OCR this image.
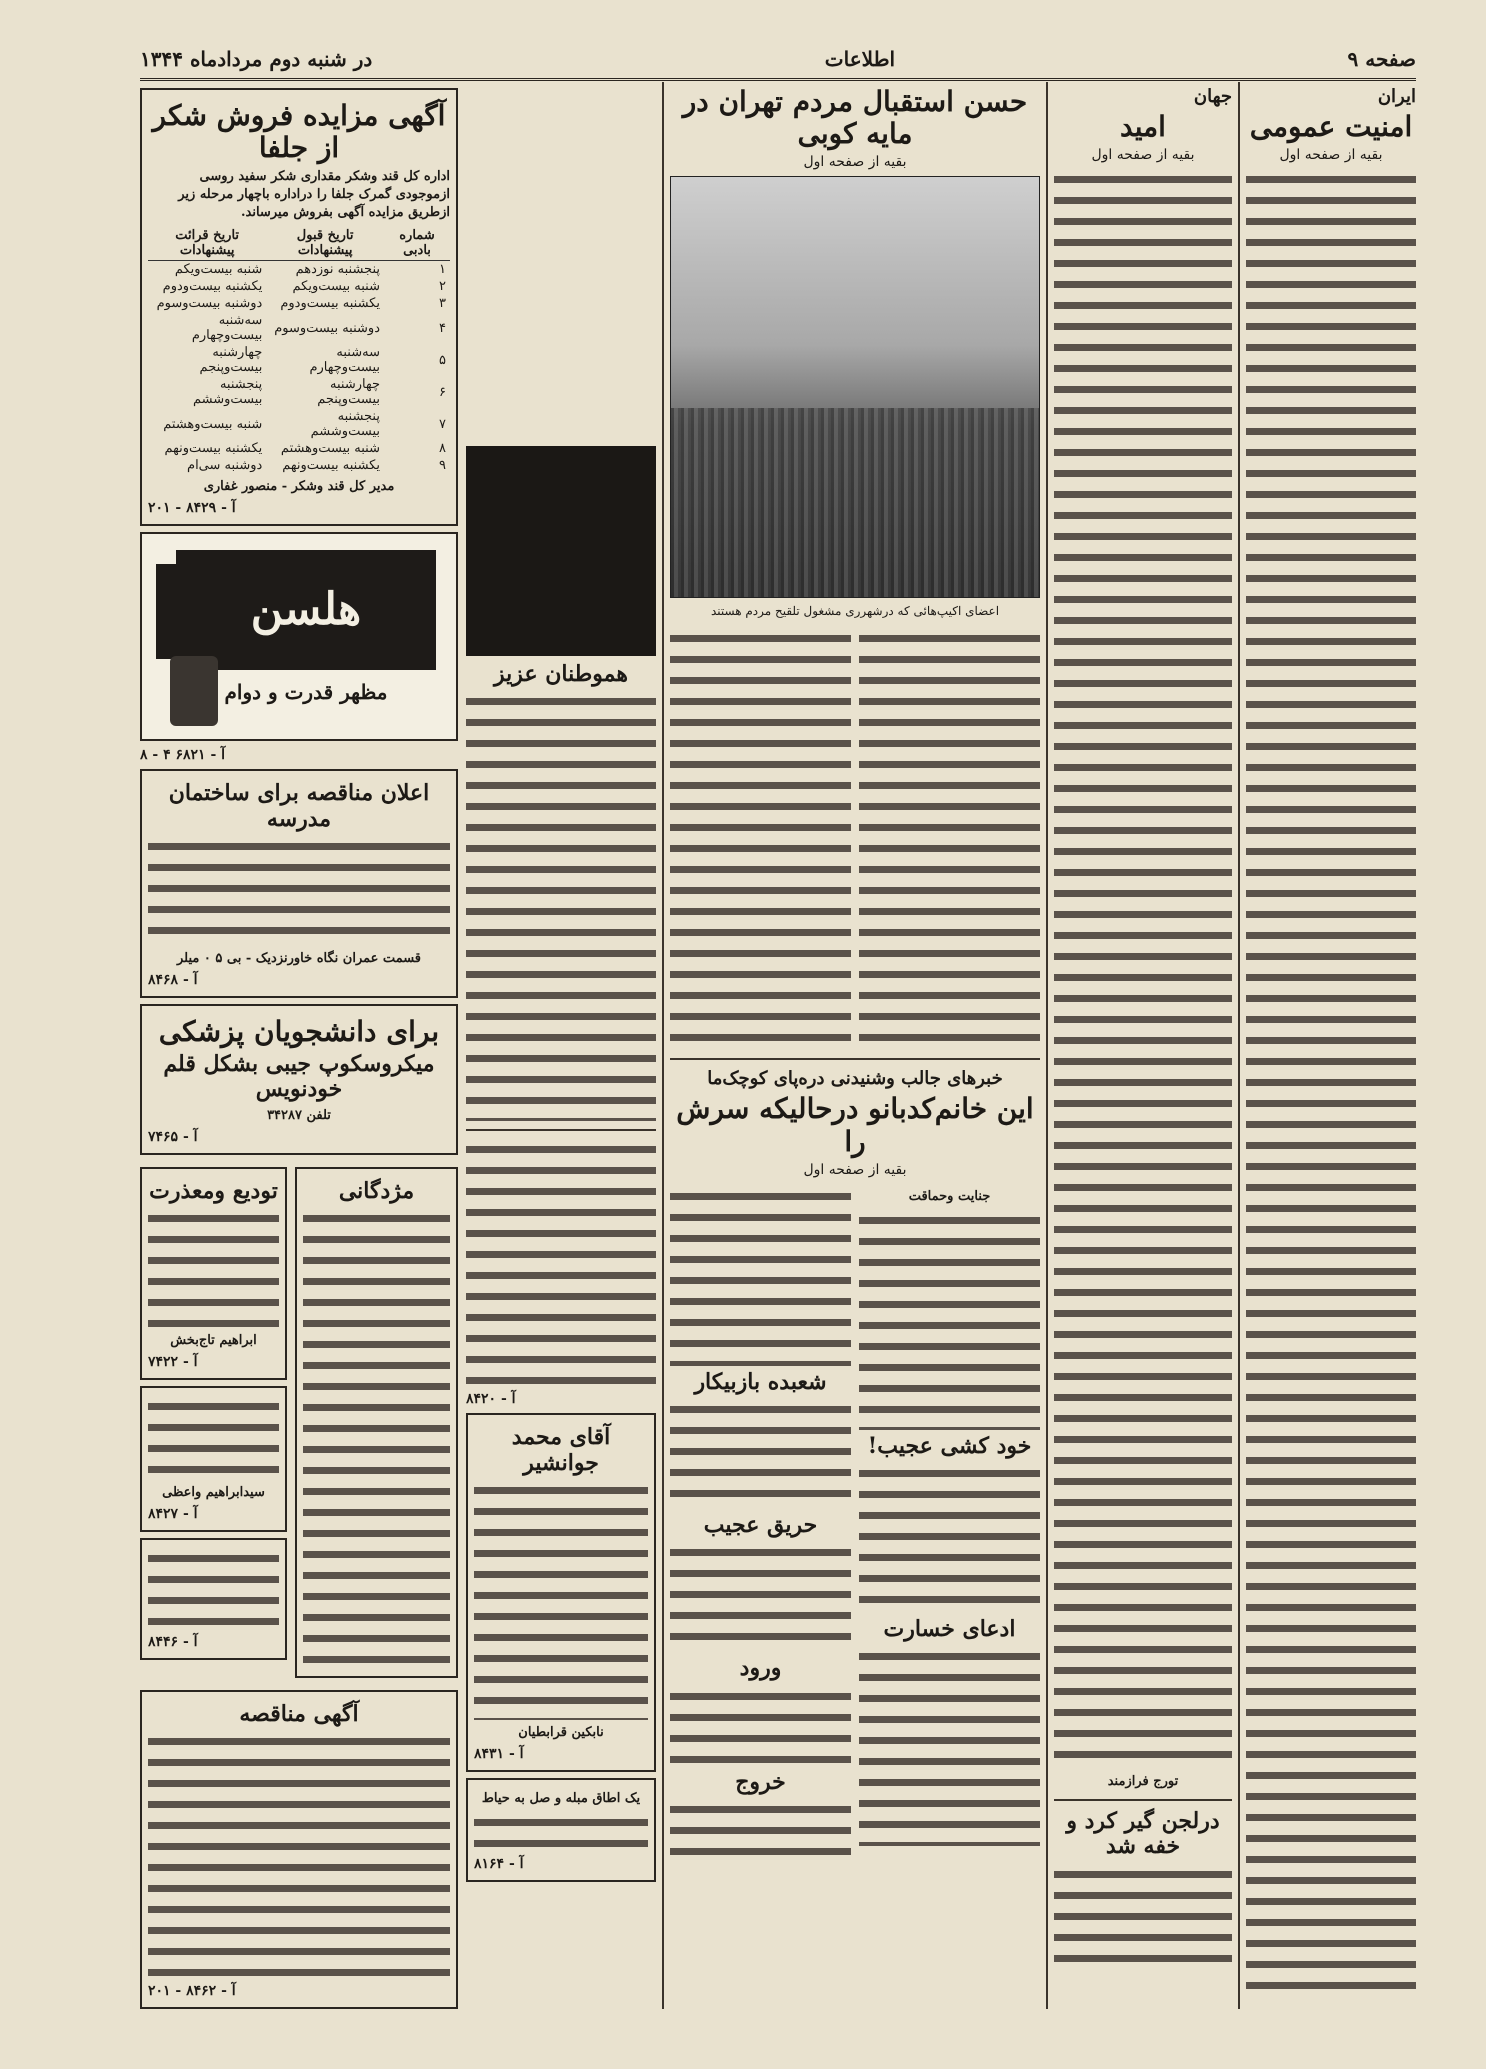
صفحه ۹
اطلاعات
در شنبه دوم مردادماه ۱۳۴۴
ایران
امنیت عمومی
بقیه از صفحه اول
جهان
امید
بقیه از صفحه اول
تورج فرازمند
درلجن گیر کرد و خفه شد
حسن استقبال مردم تهران در مایه کوبی
بقیه از صفحه اول
اعضای اکیپ‌هائی که درشهرری مشغول تلقیح مردم هستند
خبرهای جالب وشنیدنی دره‌پای کوچک‌ما
این خانم‌کدبانو درحالیکه سرش را
بقیه از صفحه اول
جنایت وحماقت
خود کشی عجیب!
ادعای خسارت
شعبده بازبیکار
حریق عجیب
ورود
خروج
هموطنان عزیز
آ - ۸۴۲۰
آقای محمد جوانشیر
نابکین قرابطیان
آ - ۸۴۳۱
یک اطاق مبله و صل به حیاط
آ - ۸۱۶۴
آگهی مزایده فروش شکر از جلفا
اداره کل قند وشکر مقداری شکر سفید روسی ازموجودی گمرک جلفا را دراداره باچهار مرحله زیر ازطریق مزایده آگهی بفروش میرساند.
شماره بادبی	تاریخ قبول پیشنهادات	تاریخ قرائت پیشنهادات
۱	پنجشنبه نوزدهم	شنبه بیست‌ویکم
۲	شنبه بیست‌ویکم	یکشنبه بیست‌ودوم
۳	یکشنبه بیست‌ودوم	دوشنبه بیست‌وسوم
۴	دوشنبه بیست‌وسوم	سه‌شنبه بیست‌وچهارم
۵	سه‌شنبه بیست‌وچهارم	چهارشنبه بیست‌وپنجم
۶	چهارشنبه بیست‌وپنجم	پنجشنبه بیست‌وششم
۷	پنجشنبه بیست‌وششم	شنبه بیست‌وهشتم
۸	شنبه بیست‌وهشتم	یکشنبه بیست‌ونهم
۹	یکشنبه بیست‌ونهم	دوشنبه سی‌ام
مدیر کل قند وشکر - منصور غفاری
آ - ۸۴۲۹ - ۲۰۱
هلسن
مظهر قدرت و دوام
آ - ۶۸۲۱ ۴ - ۸
اعلان مناقصه برای ساختمان مدرسه
قسمت عمران نگاه خاورنزدیک - بی ۵ ۰ میلر
آ - ۸۴۶۸
برای دانشجویان پزشکی
میکروسکوپ جیبی بشکل قلم خودنویس
تلفن ۳۴۲۸۷
آ - ۷۴۶۵
مژدگانی
تودیع ومعذرت
ابراهیم تاج‌بخش
آ - ۷۴۲۲
سیدابراهیم واعظی
آ - ۸۴۲۷
آ - ۸۴۴۶
آگهی مناقصه
آ - ۸۴۶۲ - ۲۰۱
